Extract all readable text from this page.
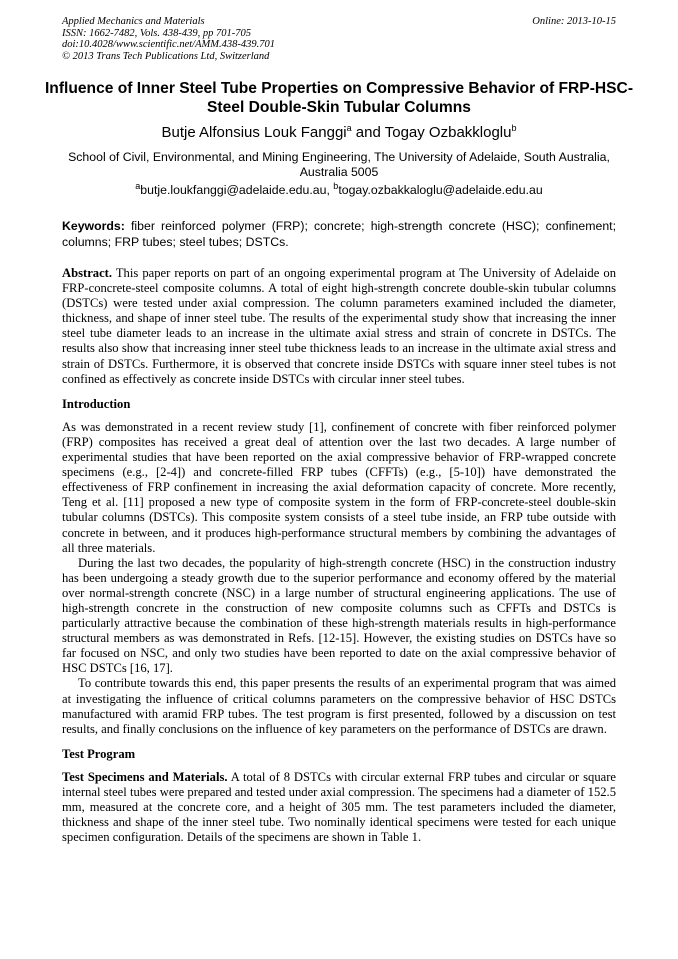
Applied Mechanics and Materials
ISSN: 1662-7482, Vols. 438-439, pp 701-705
doi:10.4028/www.scientific.net/AMM.438-439.701
© 2013 Trans Tech Publications Ltd, Switzerland
Online: 2013-10-15
Influence of Inner Steel Tube Properties on Compressive Behavior of FRP-HSC-Steel Double-Skin Tubular Columns
Butje Alfonsius Louk Fanggi$^a$ and Togay Ozbakkloglu$^b$
School of Civil, Environmental, and Mining Engineering, The University of Adelaide, South Australia, Australia 5005
$^a$butje.loukfanggi@adelaide.edu.au, $^b$togay.ozbakkaloglu@adelaide.edu.au
Keywords: fiber reinforced polymer (FRP); concrete; high-strength concrete (HSC); confinement; columns; FRP tubes; steel tubes; DSTCs.

Abstract. This paper reports on part of an ongoing experimental program at The University of Adelaide on FRP-concrete-steel composite columns. A total of eight high-strength concrete double-skin tubular columns (DSTCs) were tested under axial compression. The column parameters examined included the diameter, thickness, and shape of inner steel tube. The results of the experimental study show that increasing the inner steel tube diameter leads to an increase in the ultimate axial stress and strain of concrete in DSTCs. The results also show that increasing inner steel tube thickness leads to an increase in the ultimate axial stress and strain of DSTCs. Furthermore, it is observed that concrete inside DSTCs with square inner steel tubes is not confined as effectively as concrete inside DSTCs with circular inner steel tubes.

Introduction

As was demonstrated in a recent review study [1], confinement of concrete with fiber reinforced polymer (FRP) composites has received a great deal of attention over the last two decades. A large number of experimental studies that have been reported on the axial compressive behavior of FRP-wrapped concrete specimens (e.g., [2-4]) and concrete-filled FRP tubes (CFFTs) (e.g., [5-10]) have demonstrated the effectiveness of FRP confinement in increasing the axial deformation capacity of concrete. More recently, Teng et al. [11] proposed a new type of composite system in the form of FRP-concrete-steel double-skin tubular columns (DSTCs). This composite system consists of a steel tube inside, an FRP tube outside with concrete in between, and it produces high-performance structural members by combining the advantages of all three materials.

During the last two decades, the popularity of high-strength concrete (HSC) in the construction industry has been undergoing a steady growth due to the superior performance and economy offered by the material over normal-strength concrete (NSC) in a large number of structural engineering applications. The use of high-strength concrete in the construction of new composite columns such as CFFTs and DSTCs is particularly attractive because the combination of these high-strength materials results in high-performance structural members as was demonstrated in Refs. [12-15]. However, the existing studies on DSTCs have so far focused on NSC, and only two studies have been reported to date on the axial compressive behavior of HSC DSTCs [16, 17].

To contribute towards this end, this paper presents the results of an experimental program that was aimed at investigating the influence of critical columns parameters on the compressive behavior of HSC DSTCs manufactured with aramid FRP tubes. The test program is first presented, followed by a discussion on test results, and finally conclusions on the influence of key parameters on the performance of DSTCs are drawn.

Test Program

Test Specimens and Materials. A total of 8 DSTCs with circular external FRP tubes and circular or square internal steel tubes were prepared and tested under axial compression. The specimens had a diameter of 152.5 mm, measured at the concrete core, and a height of 305 mm. The test parameters included the diameter, thickness and shape of the inner steel tube. Two nominally identical specimens were tested for each unique specimen configuration. Details of the specimens are shown in Table 1.
